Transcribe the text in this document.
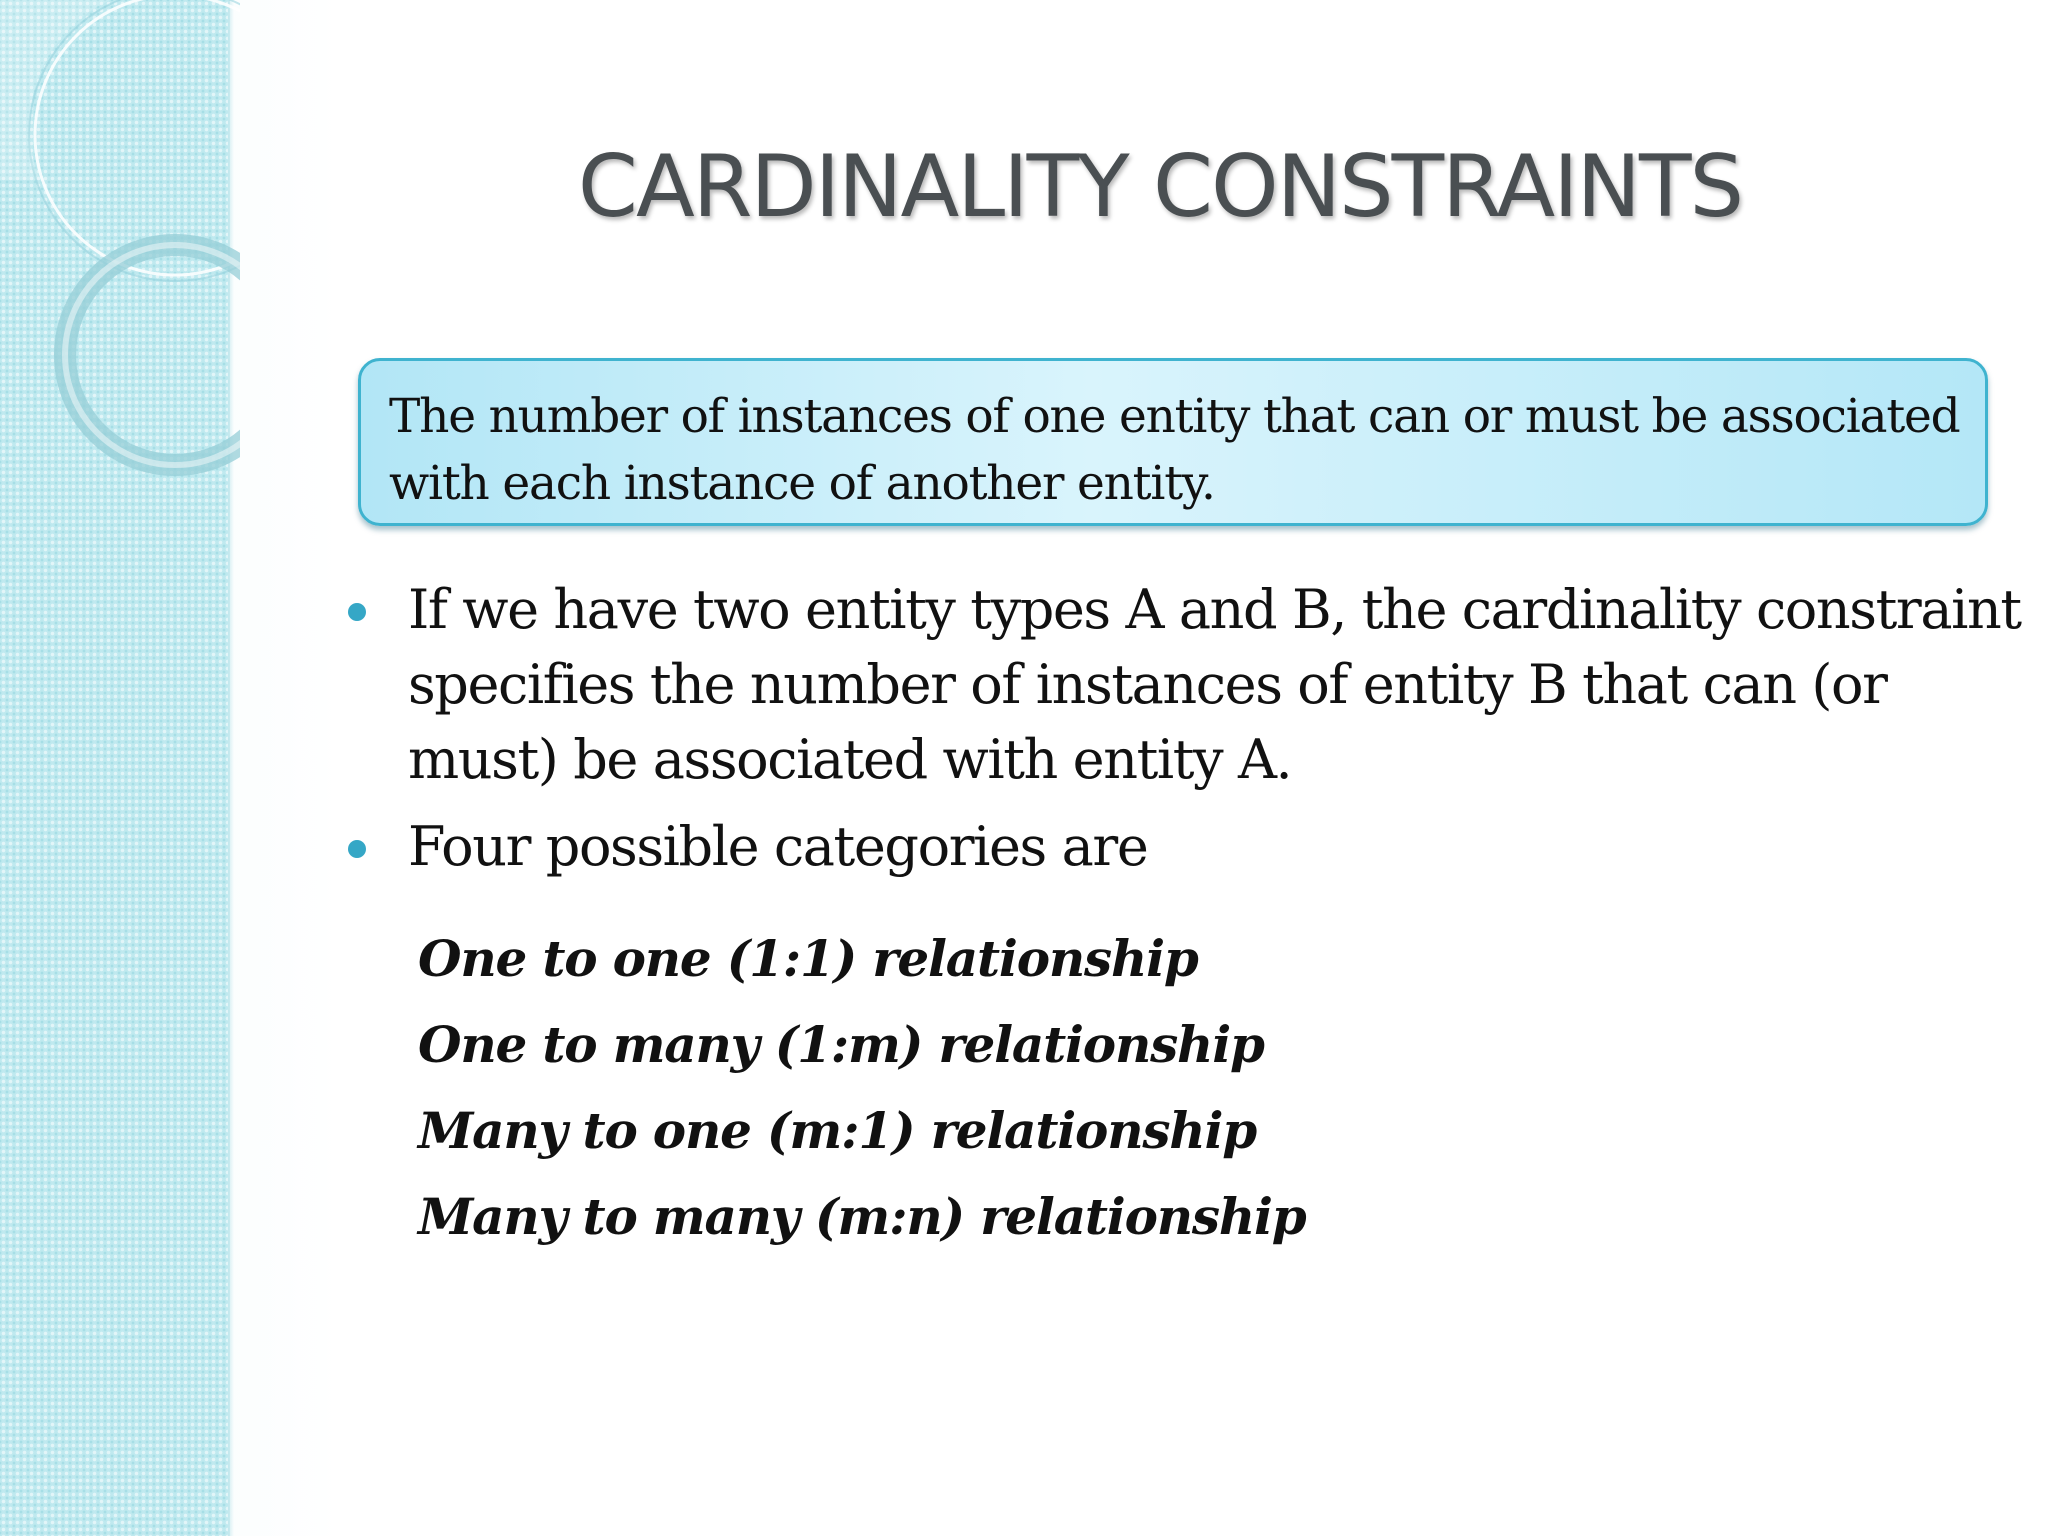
CARDINALITY CONSTRAINTS
The number of instances of one entity that can or must be associated with each instance of another entity.
If we have two entity types A and B, the cardinality constraint specifies the number of instances of entity B that can (or must) be associated with entity A.
Four possible categories are
One to one (1:1) relationship
One to many (1:m) relationship
Many to one (m:1) relationship
Many to many (m:n) relationship
